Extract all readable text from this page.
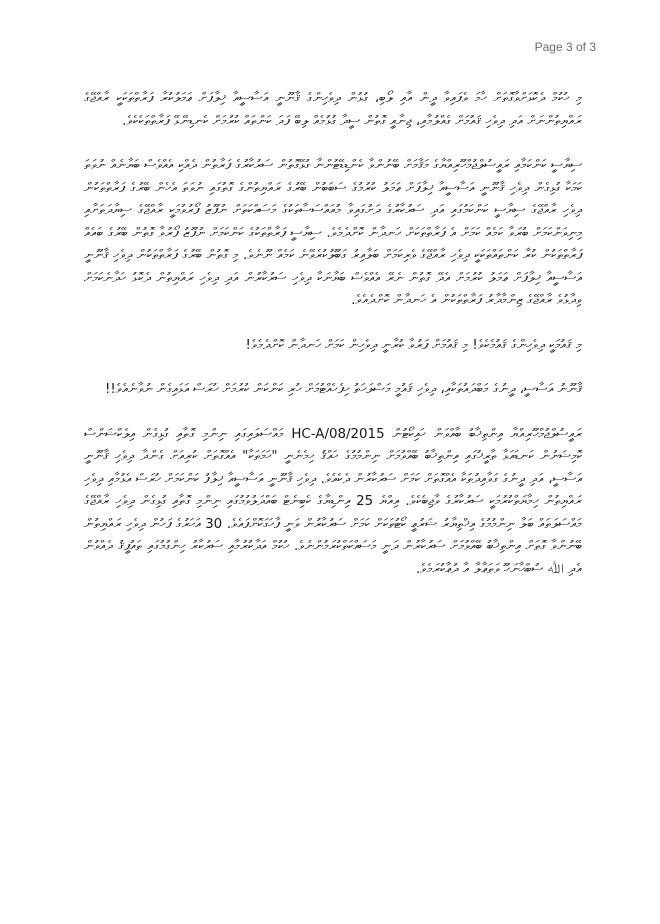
Page 3 of 3

މި ހުކުމް ދެކޮޅަށްވާގޮތަށް ހާމަ ވެފައިވާ ދީން އާއި ލޯބި، ގުޅުން ދިވެހިންގެ ޤާނޫނީ އަސާސީއާ ޚިލާފަށް ޢަމަލުކުރާ ފަރާތްތަކަކީ ރާއްޖޭގެ ރައްޔިތުންނަށް އަދި ދިވެހި ޤައުމަށް ގެއްލުމާއި، ޖިނާއީ ގޮތުން ސީދާ ގުޅުމެއް ލިބޭ ފަދަ ކަންތައް ކުރުމަށް ކެނޑިނޭޅޭ ފަރާތްތަކެކެވެ.

ސިޔާސީ ކަންކަމާއި ރައީސުލްޖުމްހޫރިއްޔާގެ މަޤާމަށް ބޭނުންވާ ކެންޑިޑޭޓުންނާ ގުޅޭގޮތުން ސަރުކާރުގެ ފަރާތުން ދެއްކި އެއްވެސް ބަޔާނެއް ނުވަތަ ކަމަކާ ގުޅިގެން ދިވެހި ޤާނޫނީ އަސާސީއާ ޚިލާފަށް ޢަމަލު ކުރުމުގެ ސަބަބުން ބޭރުގެ ރައްޔިތުންގެ ގޮތުގައި ނުވަތަ އެހެން ބޭރުގެ ފަރާތްތަކުން ދިވެހި ރާއްޖޭގެ ސިޔާސީ ކަންކަމުގައި އަދި ސަރުކާރުގެ ދަށުގައިވާ މުއައްސަސާތަކުގެ މަސައްކަތަށް ނުފޫޒު ފޯރުވުމަކީ ރާއްޖޭގެ ސިޔާދަތަށާއި މިނިވަންކަމަށް ބުރަވާ ކަމެއް ކަމަށް އެ ފަރާތްތަކަށް ހަނދާން ކޮށްދެމެވެ. ސިޔާސީ ފަރާތްތަކުގެ ކަންކަމަށް ނުފޫޒު ފޯރުވާ ގޮތުން ބޭރުގެ ބައެއް ފަރާތްތަކުން ކުރާ ކަންތައްތަކަކީ ދިވެހި ރާއްޖޭގެ ވެރިކަމަށް ބަލާއިރު ގަބޫލުކުރެވޭނެ ކަމެއް ނޫނެވެ. މި ގޮތުން ބޭރުގެ ފަރާތްތަކުން ދިވެހި ޤާނޫނީ އަސާސީއާ ޚިލާފަށް ޢަމަލު ކުރުމަށް އެދޭ ގޮތުން ނެރޭ އެއްވެސް ބަޔާނަކާ ދިވެހި ސަރުކާރުން އަދި ދިވެހި ރައްޔިތުން ދެކޮޅު ހަދާނެކަމަށް ވިދާޅުވެ ރާއްޖޭގެ ޒިންމާދާރު ފަރާތްތަކުން އެ ހަނދާން ކޮށްދެއެވެ.

މި ޤައުމަކީ ދިވެހިންގެ ޤައުމެކެވެ! މި ޤައުމަށް ފަރުވާ ކުރާނީ ދިވެހިން ކަމަށް ހަނދާން ކޮށްދެމެވެ!

ޤާނޫނު އަސާސީ، ދީނުގެ މަބްދައުތަކާއި، ދިވެހި ޤައުމީ މަސްލަހަތު ހިފެހެއްޓުމަށް ހުރި ކަންކަން ކުރުމަށް ހުރަސް އަޅައިގެން ނުވާނެއެވެ!!

ރައީސުލްޖުމްހޫރިއްޔާ އިންތިޚާބު ބާއްވަން ހައިކޯޓުން 2015/HC-A/08 މައްސަލައިގައި ނިންމި ގޮތާއި ގުޅިގެން އިލެކްޝަންސް ކޮމިޝަނުން ކަނޑައަޅާ ތާރީޚުގައި އިންތިޚާބު ބޭއްވުމަށް ނިންމުމުގެ ހައްޤު ހިމެނެނީ "ހަމަތަކާ" އެއްގޮތަށް ކުރިއަށް ގެންދާ ދިވެހި ޤާނޫނީ އަސާސީ، އަދި ދީނުގެ ގަވާއިދުތަކާ އެއްގޮތަށް ކަމަށް ސަރުކާރުން ދެކެއެވެ. ދިވެހި ޤާނޫނީ އަސާސީއާ ޚިލާފު ކަންކަމަށް ހުރަސް އެޅުމާއި ދިވެހި ރައްޔިތުން ހިމާޔަތްކުރުމަކީ ސަރުކާރުގެ ވާޖިބެކެވެ. އިއްޔެ 25 އިންޑިޔާގެ ކެބިނެޓް ބައްދަލުވުމުގައި ނިންމި ގޮތާއި ގުޅިގެން ދިވެހި ރާއްޖޭގެ މައްސަލަތައް ބަލާ ނިންމުމުގެ އިޚްތިޔާރު ޝަރުޢީ ކޯޓުތަކަށް ކަމަށް ސަރުކާރުން ވަނީ ފާހަގަކޮށްފައެވެ. 30 އަހަރުގެ ފަހުން ދިވެހި ރައްޔިތުން ބޭނުންވާ ގޮތަށް އިންތިޚާބު ބޭއްވުމަށް ސަރުކާރުން ދަނީ މަސައްކަތްކުރަމުންނެވެ. ހުކުމް އަދާކުރުމާއި ސަރުކާރު ހިންގުމުގައި ތައުފީޤު ދެއްވުން އެދި ﷲ ސުބްޙާނަހޫ ވަތަޢާލާ އާ ދުޢާކުރަމެވެ.
